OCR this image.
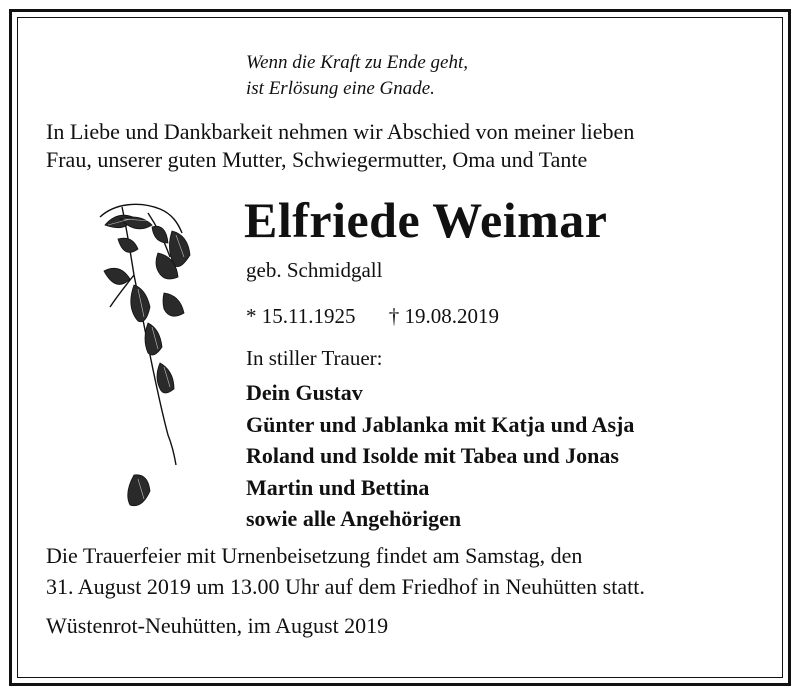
Wenn die Kraft zu Ende geht,
ist Erlösung eine Gnade.
In Liebe und Dankbarkeit nehmen wir Abschied von meiner lieben
Frau, unserer guten Mutter, Schwiegermutter, Oma und Tante
Elfriede Weimar
geb. Schmidgall
* 15.11.1925 † 19.08.2019
In stiller Trauer:
Dein Gustav
Günter und Jablanka mit Katja und Asja
Roland und Isolde mit Tabea und Jonas
Martin und Bettina
sowie alle Angehörigen
Die Trauerfeier mit Urnenbeisetzung findet am Samstag, den
31. August 2019 um 13.00 Uhr auf dem Friedhof in Neuhütten statt.
Wüstenrot-Neuhütten, im August 2019
